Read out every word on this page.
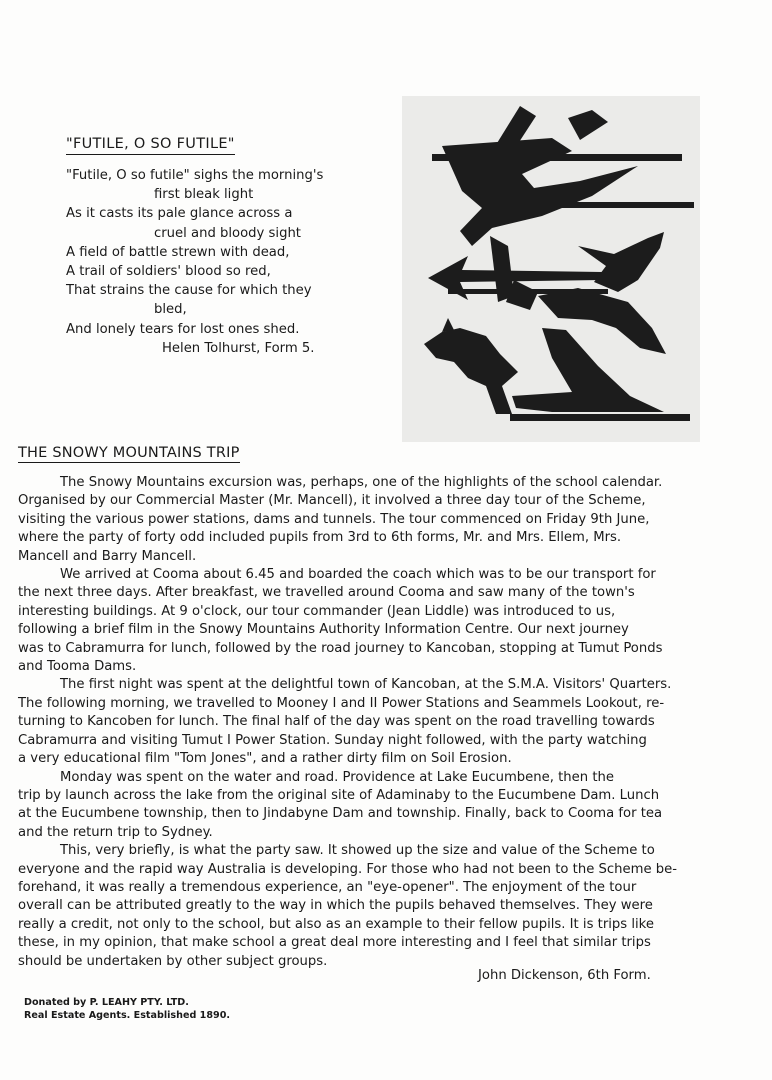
"FUTILE, O SO FUTILE"
"Futile, O so futile" sighs the morning's
first bleak light
As it casts its pale glance across a
cruel and bloody sight
A field of battle strewn with dead,
A trail of soldiers' blood so red,
That strains the cause for which they
bled,
And lonely tears for lost ones shed.
Helen Tolhurst, Form 5.
THE SNOWY MOUNTAINS TRIP
The Snowy Mountains excursion was, perhaps, one of the highlights of the school calendar.
Organised by our Commercial Master (Mr. Mancell), it involved a three day tour of the Scheme,
visiting the various power stations, dams and tunnels. The tour commenced on Friday 9th June,
where the party of forty odd included pupils from 3rd to 6th forms, Mr. and Mrs. Ellem, Mrs.
Mancell and Barry Mancell.
We arrived at Cooma about 6.45 and boarded the coach which was to be our transport for
the next three days. After breakfast, we travelled around Cooma and saw many of the town's
interesting buildings. At 9 o'clock, our tour commander (Jean Liddle) was introduced to us,
following a brief film in the Snowy Mountains Authority Information Centre. Our next journey
was to Cabramurra for lunch, followed by the road journey to Kancoban, stopping at Tumut Ponds
and Tooma Dams.
The first night was spent at the delightful town of Kancoban, at the S.M.A. Visitors' Quarters.
The following morning, we travelled to Mooney I and II Power Stations and Seammels Lookout, re-
turning to Kancoben for lunch. The final half of the day was spent on the road travelling towards
Cabramurra and visiting Tumut I Power Station. Sunday night followed, with the party watching
a very educational film "Tom Jones", and a rather dirty film on Soil Erosion.
Monday was spent on the water and road. Providence at Lake Eucumbene, then the
trip by launch across the lake from the original site of Adaminaby to the Eucumbene Dam. Lunch
at the Eucumbene township, then to Jindabyne Dam and township. Finally, back to Cooma for tea
and the return trip to Sydney.
This, very briefly, is what the party saw. It showed up the size and value of the Scheme to
everyone and the rapid way Australia is developing. For those who had not been to the Scheme be-
forehand, it was really a tremendous experience, an "eye-opener". The enjoyment of the tour
overall can be attributed greatly to the way in which the pupils behaved themselves. They were
really a credit, not only to the school, but also as an example to their fellow pupils. It is trips like
these, in my opinion, that make school a great deal more interesting and I feel that similar trips
should be undertaken by other subject groups.
John Dickenson, 6th Form.
Donated by P. LEAHY PTY. LTD.
Real Estate Agents. Established 1890.
